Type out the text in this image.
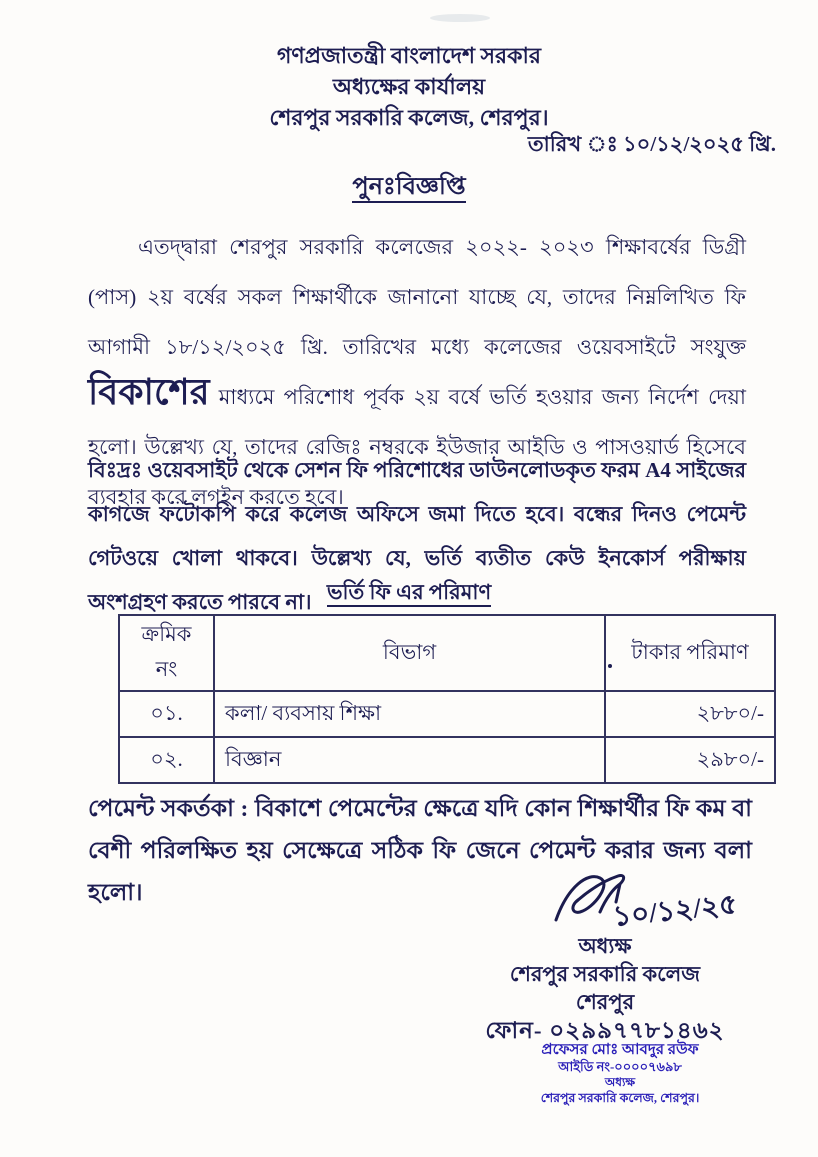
গণপ্রজাতন্ত্রী বাংলাদেশ সরকার
অধ্যক্ষের কার্যালয়
শেরপুর সরকারি কলেজ, শেরপুর।
তারিখ ঃ ১০/১২/২০২৫ খ্রি.
পুনঃবিজ্ঞপ্তি
এতদ্দ্বারা শেরপুর সরকারি কলেজের ২০২২- ২০২৩ শিক্ষাবর্ষের ডিগ্রী (পাস) ২য় বর্ষের সকল শিক্ষার্থীকে জানানো যাচ্ছে যে, তাদের নিম্নলিখিত ফি আগামী ১৮/১২/২০২৫ খ্রি. তারিখের মধ্যে কলেজের ওয়েবসাইটে সংযুক্ত বিকাশের মাধ্যমে পরিশোধ পূর্বক ২য় বর্ষে ভর্তি হওয়ার জন্য নির্দেশ দেয়া হলো। উল্লেখ্য যে, তাদের রেজিঃ নম্বরকে ইউজার আইডি ও পাসওয়ার্ড হিসেবে ব্যবহার করে লগইন করতে হবে।
বিঃদ্রঃ ওয়েবসাইট থেকে সেশন ফি পরিশোধের ডাউনলোডকৃত ফরম A4 সাইজের কাগজে ফটোকপি করে কলেজ অফিসে জমা দিতে হবে। বন্ধের দিনও পেমেন্ট গেটওয়ে খোলা থাকবে। উল্লেখ্য যে, ভর্তি ব্যতীত কেউ ইনকোর্স পরীক্ষায় অংশগ্রহণ করতে পারবে না। ভর্তি ফি এর পরিমাণ
ক্রমিক নং	বিভাগ	টাকার পরিমাণ
০১.	কলা/ ব্যবসায় শিক্ষা	২৮৮০/-
০২.	বিজ্ঞান	২৯৮০/-
পেমেন্ট সকর্তকা : বিকাশে পেমেন্টের ক্ষেত্রে যদি কোন শিক্ষার্থীর ফি কম বা বেশী পরিলক্ষিত হয় সেক্ষেত্রে সঠিক ফি জেনে পেমেন্ট করার জন্য বলা হলো।	১০/১২/২৫
অধ্যক্ষ
শেরপুর সরকারি কলেজ
শেরপুর
ফোন- ০২৯৯৭৭৮১৪৬২
প্রফেসর মোঃ আবদুর রউফ
আইডি নং-০০০০৭৬৯৮
অধ্যক্ষ
শেরপুর সরকারি কলেজ, শেরপুর।
